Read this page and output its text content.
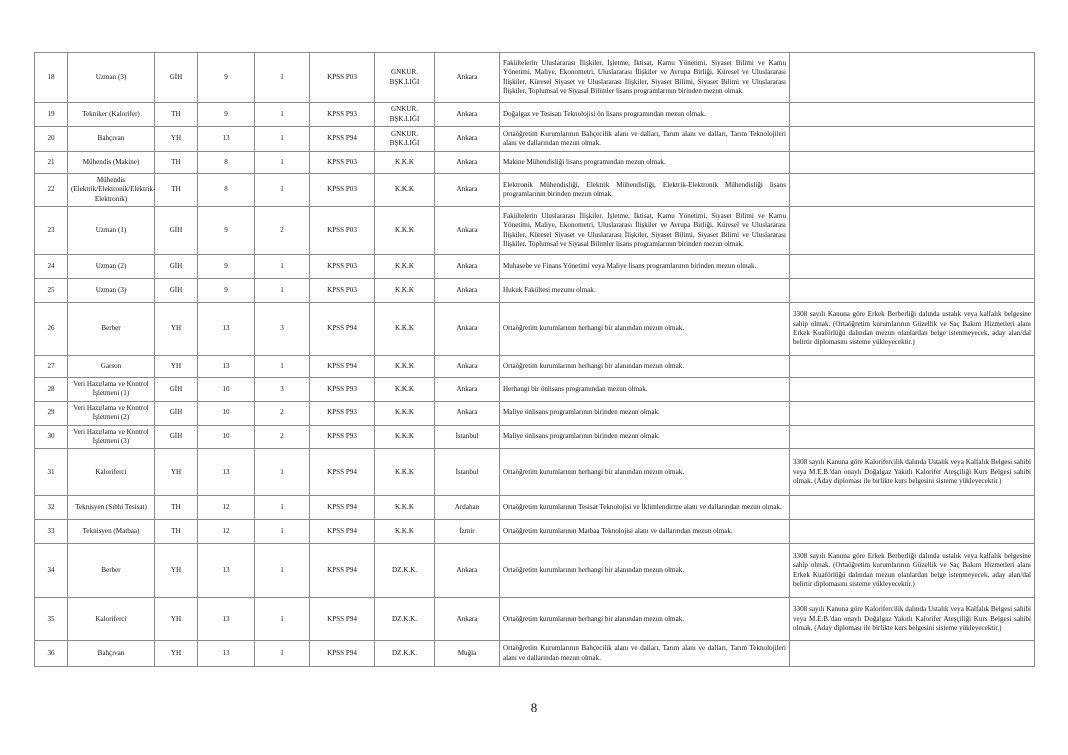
18	Uzman (3)	GİH	9	1	KPSS P03	GNKUR.
BŞK.LIĞI	Ankara	Fakültelerin Uluslararası İlişkiler, İşletme, İktisat, Kamu Yönetimi, Siyaset Bilimi ve Kamu Yönetimi, Maliye, Ekonometri, Uluslararası İlişkiler ve Avrupa Birliği, Küresel ve Uluslararası İlişkiler, Küresel Siyaset ve Uluslararası İlişkiler, Siyaset Bilimi, Siyaset Bilimi ve Uluslararası İlişkiler, Toplumsal ve Siyasal Bilimler lisans programlarının birinden mezun olmak.	
19	Tekniker (Kalorifer)	TH	9	1	KPSS P93	GNKUR.
BŞK.LIĞI	Ankara	Doğalgaz ve Tesisatı Teknolojisi ön lisans programından mezun olmak.	
20	Bahçıvan	YH	13	1	KPSS P94	GNKUR.
BŞK.LIĞI	Ankara	Ortaöğretim Kurumlarının Bahçecilik alanı ve dalları, Tarım alanı ve dalları, Tarım Teknolojileri alanı ve dallarından mezun olmak.	
21	Mühendis (Makine)	TH	8	1	KPSS P03	K.K.K	Ankara	Makine Mühendisliği lisans programından mezun olmak.	
22	Mühendis (Elektrik/Elektronik/Elektrik-Elektronik)	TH	8	1	KPSS P03	K.K.K	Ankara	Elektronik Mühendisliği, Elektrik Mühendisliği, Elektrik-Elektronik Mühendisliği lisans programlarının birinden mezun olmak.	
23	Uzman (1)	GİH	9	2	KPSS P03	K.K.K	Ankara	Fakültelerin Uluslararası İlişkiler, İşletme, İktisat, Kamu Yönetimi, Siyaset Bilimi ve Kamu Yönetimi, Maliye, Ekonometri, Uluslararası İlişkiler ve Avrupa Birliği, Küresel ve Uluslararası İlişkiler, Küresel Siyaset ve Uluslararası İlişkiler, Siyaset Bilimi, Siyaset Bilimi ve Uluslararası İlişkiler, Toplumsal ve Siyasal Bilimler lisans programlarının birinden mezun olmak.	
24	Uzman (2)	GİH	9	1	KPSS P03	K.K.K	Ankara	Muhasebe ve Finans Yönetimi veya Maliye lisans programlarının birinden mezun olmak.	
25	Uzman (3)	GİH	9	1	KPSS P03	K.K.K	Ankara	Hukuk Fakültesi mezunu olmak.	
26	Berber	YH	13	3	KPSS P94	K.K.K	Ankara	Ortaöğretim kurumlarının herhangi bir alanından mezun olmak.	3308 sayılı Kanuna göre Erkek Berberliği dalında ustalık veya kalfalık belgesine sahip olmak. (Ortaöğretim kurumlarının Güzellik ve Saç Bakım Hizmetleri alanı Erkek Kuaförlüğü dalından mezun olanlardan belge istenmeyecek, aday alan/dal belirtir diplomasını sisteme yükleyecektir.)
27	Garson	YH	13	1	KPSS P94	K.K.K	Ankara	Ortaöğretim kurumlarının herhangi bir alanından mezun olmak.	
28	Veri Hazırlama ve Kontrol İşletmeni (1)	GİH	10	3	KPSS P93	K.K.K	Ankara	Herhangi bir önlisans programından mezun olmak.	
29	Veri Hazırlama ve Kontrol İşletmeni (2)	GİH	10	2	KPSS P93	K.K.K	Ankara	Maliye önlisans programlarının birinden mezun olmak.	
30	Veri Hazırlama ve Kontrol İşletmeni (3)	GİH	10	2	KPSS P93	K.K.K	İstanbul	Maliye önlisans programlarının birinden mezun olmak.	
31	Kaloriferci	YH	13	1	KPSS P94	K.K.K	İstanbul	Ortaöğretim kurumlarının herhangi bir alanından mezun olmak.	3308 sayılı Kanuna göre Kalorifercilik dalında Ustalık veya Kalfalık Belgesi sahibi veya M.E.B.'dan onaylı Doğalgaz Yakıtlı Kalorifer Ateşçiliği Kurs Belgesi sahibi olmak. (Aday diploması ile birlikte kurs belgesini sisteme yükleyecektir.)
32	Teknisyen (Sıhhi Tesisat)	TH	12	1	KPSS P94	K.K.K	Ardahan	Ortaöğretim kurumlarının Tesisat Teknolojisi ve İklimlendirme alanı ve dallarından mezun olmak.	
33	Teknisyen (Matbaa)	TH	12	1	KPSS P94	K.K.K	İzmir	Ortaöğretim kurumlarının Matbaa Teknolojisi alanı ve dallarından mezun olmak.	
34	Berber	YH	13	1	KPSS P94	DZ.K.K.	Ankara	Ortaöğretim kurumlarının herhangi bir alanından mezun olmak.	3308 sayılı Kanuna göre Erkek Berberliği dalında ustalık veya kalfalık belgesine sahip olmak. (Ortaöğretim kurumlarının Güzellik ve Saç Bakım Hizmetleri alanı Erkek Kuaförlüğü dalından mezun olanlardan belge istenmeyecek, aday alan/dal belirtir diplomasını sisteme yükleyecektir.)
35	Kaloriferci	YH	13	1	KPSS P94	DZ.K.K.	Ankara	Ortaöğretim kurumlarının herhangi bir alanından mezun olmak.	3308 sayılı Kanuna göre Kalorifercilik dalında Ustalık veya Kalfalık Belgesi sahibi veya M.E.B.'dan onaylı Doğalgaz Yakıtlı Kalorifer Ateşçiliği Kurs Belgesi sahibi olmak. (Aday diploması ile birlikte kurs belgesini sisteme yükleyecektir.)
36	Bahçıvan	YH	13	1	KPSS P94	DZ.K.K.	Muğla	Ortaöğretim Kurumlarının Bahçecilik alanı ve dalları, Tarım alanı ve dalları, Tarım Teknolojileri alanı ve dallarından mezun olmak.	
8
